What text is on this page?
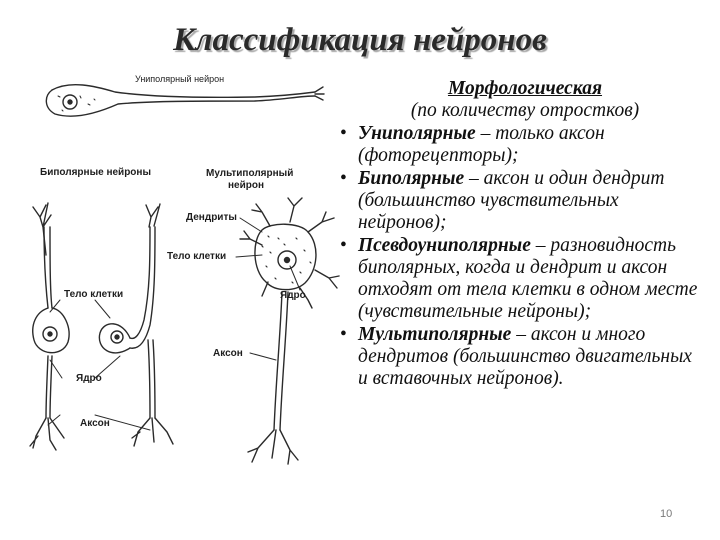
Классификация нейронов
Униполярный нейрон
Биполярные нейроны	Мультиполярный
нейрон
Дендриты
Тело клетки
Ядро
Аксон
Тело клетки
Ядро
Аксон
Морфологическая
(по количеству отростков)
• Униполярные – только аксон (фоторецепторы);
• Биполярные – аксон и один дендрит (большинство чувствительных нейронов);
• Псевдоуниполярные – разновидность биполярных, когда и дендрит и аксон отходят от тела клетки в одном месте (чувствительные нейроны);
• Мультиполярные – аксон и много дендритов (большинство двигательных и вставочных нейронов).
10
